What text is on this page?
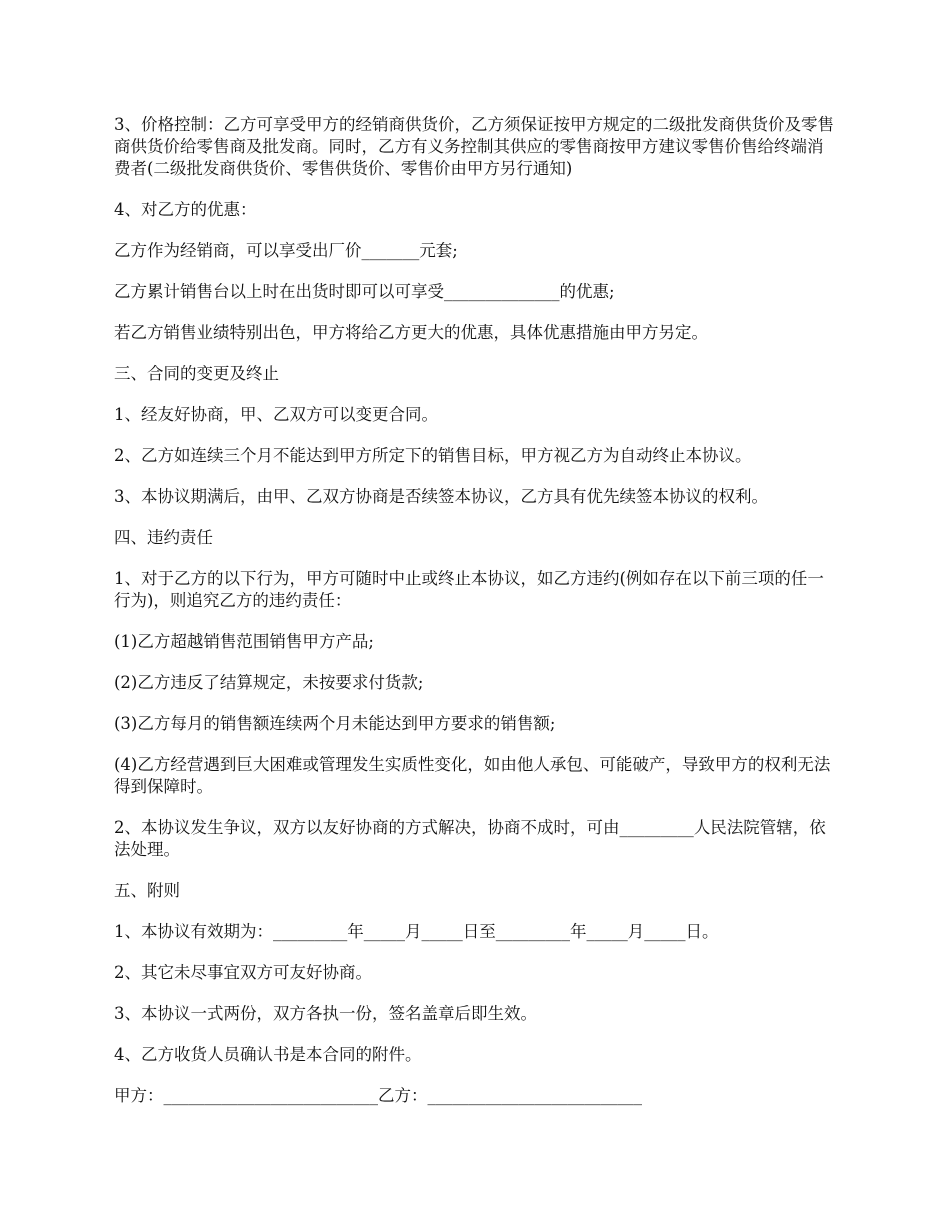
3、价格控制：乙方可享受甲方的经销商供货价，乙方须保证按甲方规定的二级批发商供货价及零售商供货价给零售商及批发商。同时，乙方有义务控制其供应的零售商按甲方建议零售价售给终端消费者(二级批发商供货价、零售供货价、零售价由甲方另行通知)

4、对乙方的优惠：

乙方作为经销商，可以享受出厂价_______元套;

乙方累计销售台以上时在出货时即可以可享受______________的优惠;

若乙方销售业绩特别出色，甲方将给乙方更大的优惠，具体优惠措施由甲方另定。

三、合同的变更及终止

1、经友好协商，甲、乙双方可以变更合同。

2、乙方如连续三个月不能达到甲方所定下的销售目标，甲方视乙方为自动终止本协议。

3、本协议期满后，由甲、乙双方协商是否续签本协议，乙方具有优先续签本协议的权利。

四、违约责任

1、对于乙方的以下行为，甲方可随时中止或终止本协议，如乙方违约(例如存在以下前三项的任一行为)，则追究乙方的违约责任：

(1)乙方超越销售范围销售甲方产品;

(2)乙方违反了结算规定，未按要求付货款;

(3)乙方每月的销售额连续两个月未能达到甲方要求的销售额;

(4)乙方经营遇到巨大困难或管理发生实质性变化，如由他人承包、可能破产，导致甲方的权利无法得到保障时。

2、本协议发生争议，双方以友好协商的方式解决，协商不成时，可由_________人民法院管辖，依法处理。

五、附则

1、本协议有效期为：_________年_____月_____日至_________年_____月_____日。

2、其它未尽事宜双方可友好协商。

3、本协议一式两份，双方各执一份，签名盖章后即生效。

4、乙方收货人员确认书是本合同的附件。

甲方：__________________________乙方：__________________________
